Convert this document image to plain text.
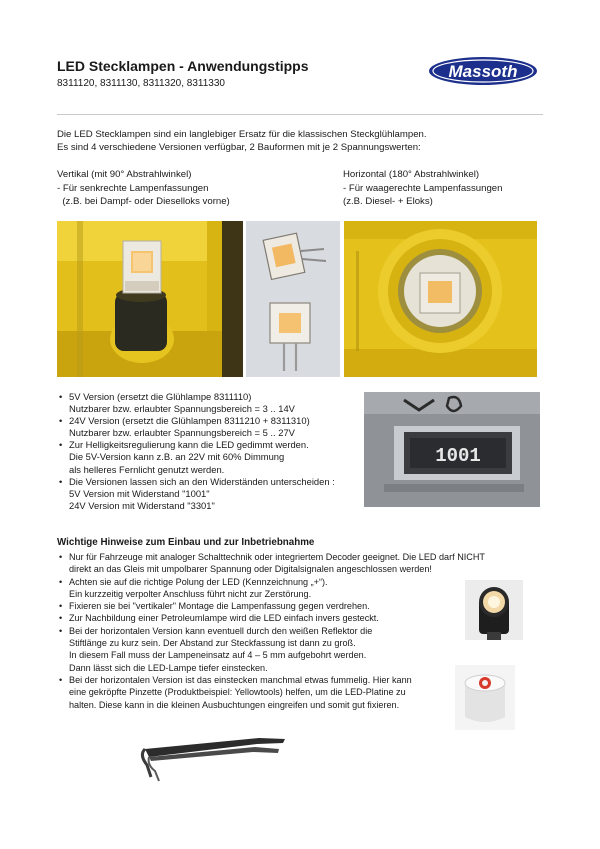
LED Stecklampen - Anwendungstipps
8311120, 8311130, 8311320, 8311330
Massoth
Die LED Stecklampen sind ein langlebiger Ersatz für die klassischen Steckglühlampen.
Es sind 4 verschiedene Versionen verfügbar, 2 Bauformen mit je 2 Spannungswerten:
Vertikal (mit 90° Abstrahlwinkel)
- Für senkrechte Lampenfassungen
(z.B. bei Dampf- oder Dieselloks vorne)
Horizontal (180° Abstrahlwinkel)
- Für waagerechte Lampenfassungen
(z.B. Diesel- + Eloks)
• 5V Version (ersetzt die Glühlampe 8311110)
Nutzbarer bzw. erlaubter Spannungsbereich = 3 .. 14V
• 24V Version (ersetzt die Glühlampen 8311210 + 8311310)
Nutzbarer bzw. erlaubter Spannungsbereich = 5 .. 27V
• Zur Helligkeitsregulierung kann die LED gedimmt werden.
Die 5V-Version kann z.B. an 22V mit 60% Dimmung
als helleres Fernlicht genutzt werden.
• Die Versionen lassen sich an den Widerständen unterscheiden :
5V Version mit Widerstand "1001"
24V Version mit Widerstand "3301"
1001
Wichtige Hinweise zum Einbau und zur Inbetriebnahme
• Nur für Fahrzeuge mit analoger Schalttechnik oder integriertem Decoder geeignet. Die LED darf NICHT
direkt an das Gleis mit umpolbarer Spannung oder Digitalsignalen angeschlossen werden!
• Achten sie auf die richtige Polung der LED (Kennzeichnung „+“).
Ein kurzzeitig verpolter Anschluss führt nicht zur Zerstörung.
• Fixieren sie bei "vertikaler" Montage die Lampenfassung gegen verdrehen.
• Zur Nachbildung einer Petroleumlampe wird die LED einfach invers gesteckt.
• Bei der horizontalen Version kann eventuell durch den weißen Reflektor die
Stiftlänge zu kurz sein. Der Abstand zur Steckfassung ist dann zu groß.
In diesem Fall muss der Lampeneinsatz auf 4 – 5 mm aufgebohrt werden.
Dann lässt sich die LED-Lampe tiefer einstecken.
• Bei der horizontalen Version ist das einstecken manchmal etwas fummelig. Hier kann
eine gekröpfte Pinzette (Produktbeispiel: Yellowtools) helfen, um die LED-Platine zu
halten. Diese kann in die kleinen Ausbuchtungen eingreifen und somit gut fixieren.
